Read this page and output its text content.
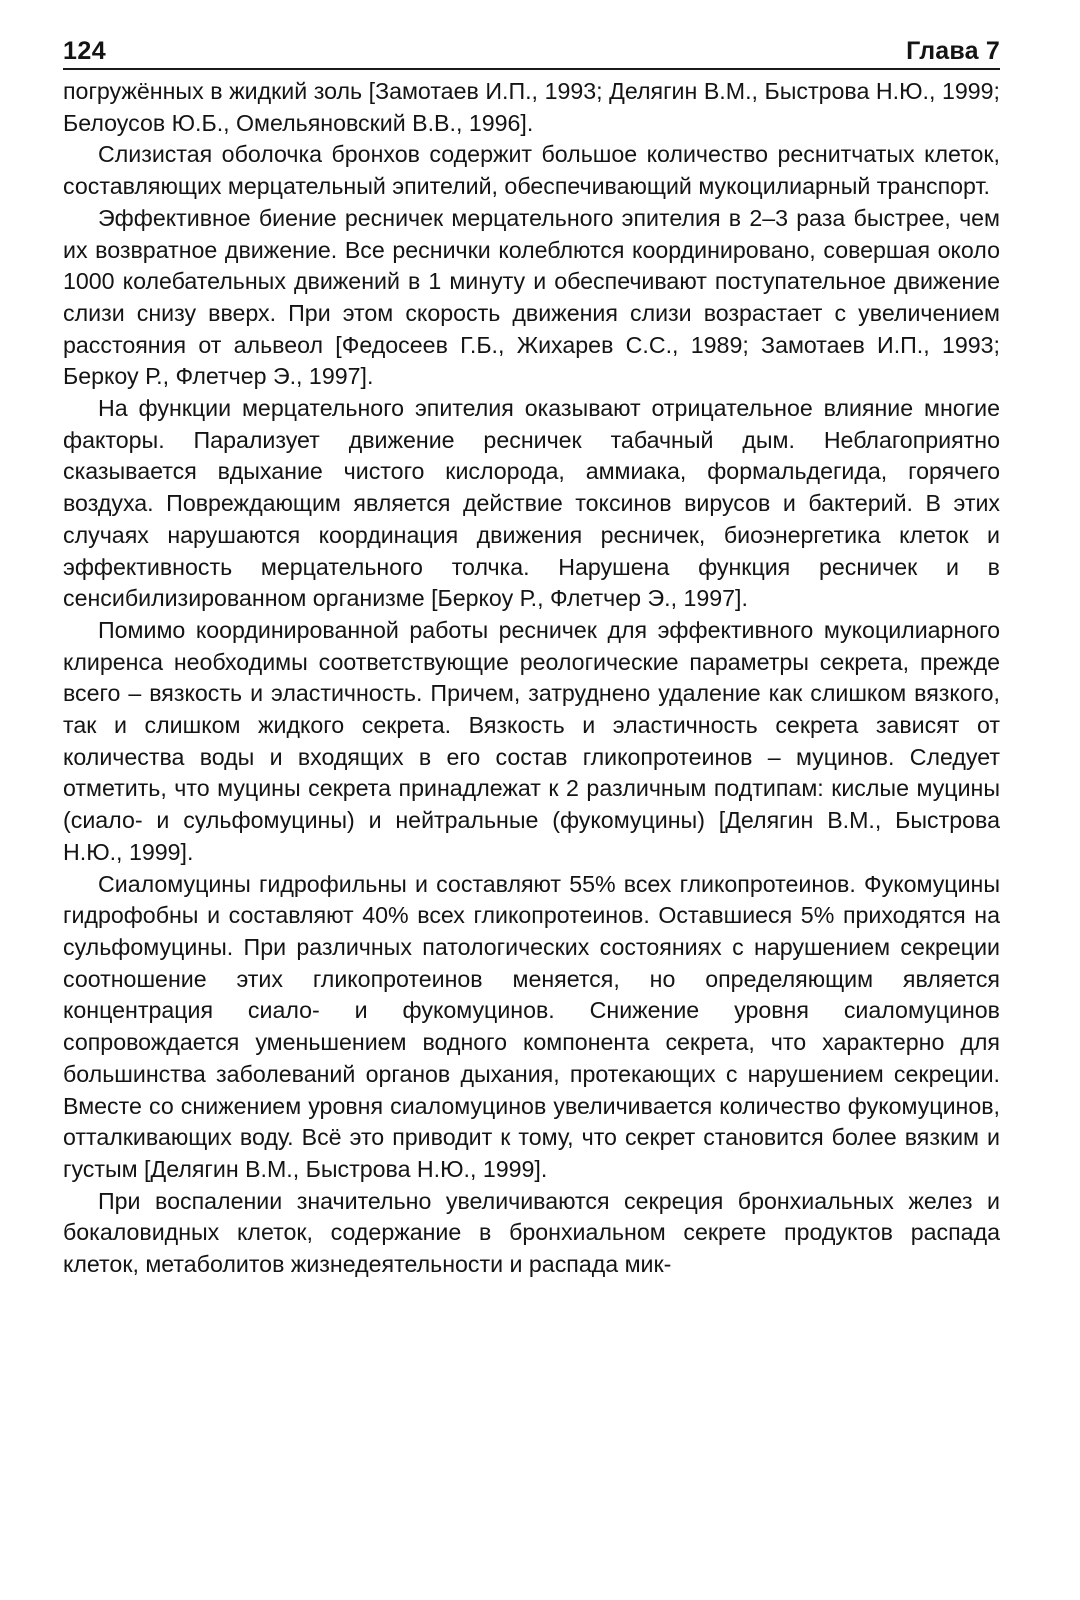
124	Глава 7

погружённых в жидкий золь [Замотаев И.П., 1993; Делягин В.М., Быстрова Н.Ю., 1999; Белоусов Ю.Б., Омельяновский В.В., 1996].

Слизистая оболочка бронхов содержит большое количество реснитчатых клеток, составляющих мерцательный эпителий, обеспечивающий мукоцилиарный транспорт.

Эффективное биение ресничек мерцательного эпителия в 2–3 раза быстрее, чем их возвратное движение. Все реснички колеблются координировано, совершая около 1000 колебательных движений в 1 минуту и обеспечивают поступательное движение слизи снизу вверх. При этом скорость движения слизи возрастает с увеличением расстояния от альвеол [Федосеев Г.Б., Жихарев С.С., 1989; Замотаев И.П., 1993; Беркоу Р., Флетчер Э., 1997].

На функции мерцательного эпителия оказывают отрицательное влияние многие факторы. Парализует движение ресничек табачный дым. Неблагоприятно сказывается вдыхание чистого кислорода, аммиака, формальдегида, горячего воздуха. Повреждающим является действие токсинов вирусов и бактерий. В этих случаях нарушаются координация движения ресничек, биоэнергетика клеток и эффективность мерцательного толчка. Нарушена функция ресничек и в сенсибилизированном организме [Беркоу Р., Флетчер Э., 1997].

Помимо координированной работы ресничек для эффективного мукоцилиарного клиренса необходимы соответствующие реологические параметры секрета, прежде всего – вязкость и эластичность. Причем, затруднено удаление как слишком вязкого, так и слишком жидкого секрета. Вязкость и эластичность секрета зависят от количества воды и входящих в его состав гликопротеинов – муцинов. Следует отметить, что муцины секрета принадлежат к 2 различным подтипам: кислые муцины (сиало- и сульфомуцины) и нейтральные (фукомуцины) [Делягин В.М., Быстрова Н.Ю., 1999].

Сиаломуцины гидрофильны и составляют 55% всех гликопротеинов. Фукомуцины гидрофобны и составляют 40% всех гликопротеинов. Оставшиеся 5% приходятся на сульфомуцины. При различных патологических состояниях с нарушением секреции соотношение этих гликопротеинов меняется, но определяющим является концентрация сиало- и фукомуцинов. Снижение уровня сиаломуцинов сопровождается уменьшением водного компонента секрета, что характерно для большинства заболеваний органов дыхания, протекающих с нарушением секреции. Вместе со снижением уровня сиаломуцинов увеличивается количество фукомуцинов, отталкивающих воду. Всё это приводит к тому, что секрет становится более вязким и густым [Делягин В.М., Быстрова Н.Ю., 1999].

При воспалении значительно увеличиваются секреция бронхиальных желез и бокаловидных клеток, содержание в бронхиальном секрете продуктов распада клеток, метаболитов жизнедеятельности и распада мик-
